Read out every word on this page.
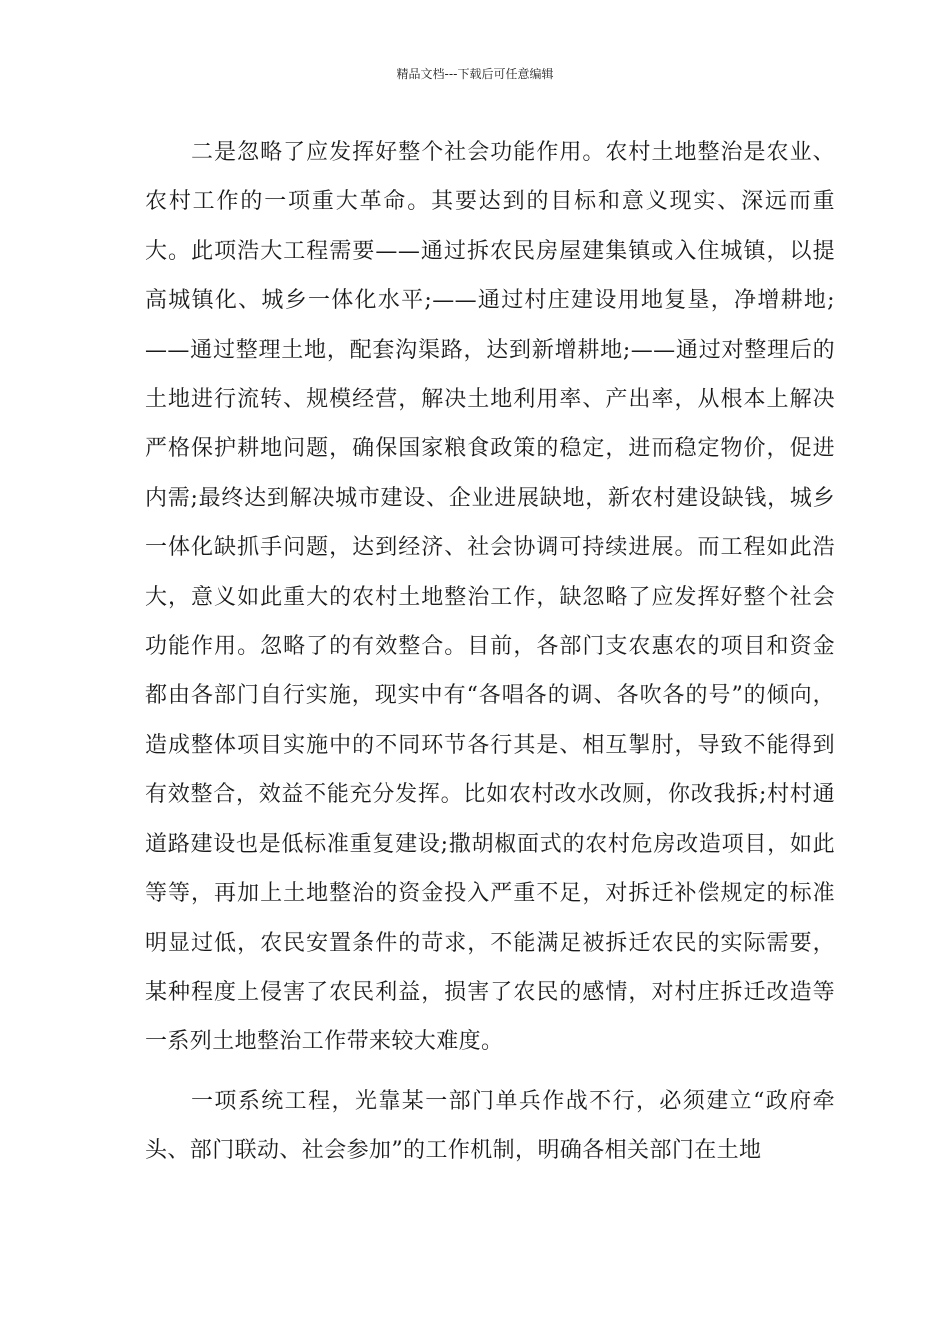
精品文档---下载后可任意编辑

二是忽略了应发挥好整个社会功能作用。农村土地整治是农业、农村工作的一项重大革命。其要达到的目标和意义现实、深远而重大。此项浩大工程需要——通过拆农民房屋建集镇或入住城镇，以提高城镇化、城乡一体化水平;——通过村庄建设用地复垦，净增耕地;——通过整理土地，配套沟渠路，达到新增耕地;——通过对整理后的土地进行流转、规模经营，解决土地利用率、产出率，从根本上解决严格保护耕地问题，确保国家粮食政策的稳定，进而稳定物价，促进内需;最终达到解决城市建设、企业进展缺地，新农村建设缺钱，城乡一体化缺抓手问题，达到经济、社会协调可持续进展。而工程如此浩大，意义如此重大的农村土地整治工作，缺忽略了应发挥好整个社会功能作用。忽略了的有效整合。目前，各部门支农惠农的项目和资金都由各部门自行实施，现实中有“各唱各的调、各吹各的号”的倾向，造成整体项目实施中的不同环节各行其是、相互掣肘，导致不能得到有效整合，效益不能充分发挥。比如农村改水改厕，你改我拆;村村通道路建设也是低标准重复建设;撒胡椒面式的农村危房改造项目，如此等等，再加上土地整治的资金投入严重不足，对拆迁补偿规定的标准明显过低，农民安置条件的苛求，不能满足被拆迁农民的实际需要，某种程度上侵害了农民利益，损害了农民的感情，对村庄拆迁改造等一系列土地整治工作带来较大难度。

一项系统工程，光靠某一部门单兵作战不行，必须建立“政府牵头、部门联动、社会参加”的工作机制，明确各相关部门在土地
